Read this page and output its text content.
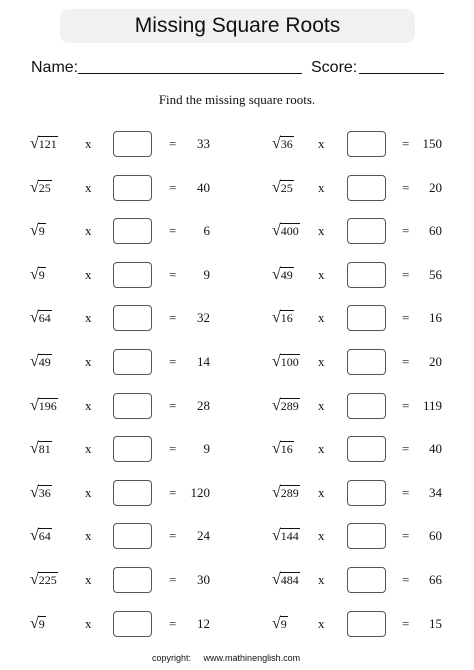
Missing Square Roots
Name:	Score:
Find the missing square roots.
√ 121 x	=	33
√ 25	x	=	40
√ 9	x	=	6
√ 9	x	=	9
√ 64	x	=	32
√ 49	x	=	14
√ 196 x	=	28
√ 81	x	=	9
√ 36	x	=	120
√ 64	x	=	24
√ 225 x	=	30
√ 9	x	=	12
√ 36 x	=	150
√ 25 x	=	20
√ 400 x	=	60
√ 49 x	=	56
√ 16 x	=	16
√ 100 x	=	20
√ 289 x	=	119
√ 16 x	=	40
√ 289 x	=	34
√ 144 x	=	60
√ 484 x	=	66
√ 9 x	=	15
copyright: www.mathinenglish.com
